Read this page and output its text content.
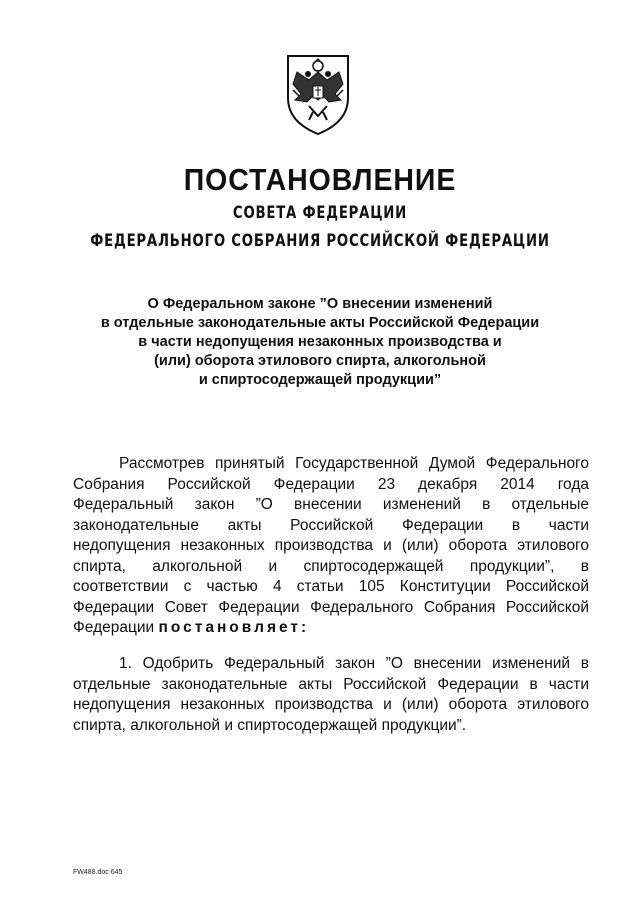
ПОСТАНОВЛЕНИЕ
СОВЕТА ФЕДЕРАЦИИ
ФЕДЕРАЛЬНОГО СОБРАНИЯ РОССИЙСКОЙ ФЕДЕРАЦИИ
О Федеральном законе ”О внесении изменений
в отдельные законодательные акты Российской Федерации
в части недопущения незаконных производства и
(или) оборота этилового спирта, алкогольной
и спиртосодержащей продукции”
Рассмотрев принятый Государственной Думой Федерального
Собрания Российской Федерации 23 декабря 2014 года
Федеральный закон ”О внесении изменений в отдельные
законодательные акты Российской Федерации в части
недопущения незаконных производства и (или) оборота этилового
спирта, алкогольной и спиртосодержащей продукции”, в
соответствии с частью 4 статьи 105 Конституции Российской
Федерации Совет Федерации Федерального Собрания Российской
Федерации постановляет:
1. Одобрить Федеральный закон ”О внесении изменений в
отдельные законодательные акты Российской Федерации в части
недопущения незаконных производства и (или) оборота этилового
спирта, алкогольной и спиртосодержащей продукции”.
FW488.doc 645
